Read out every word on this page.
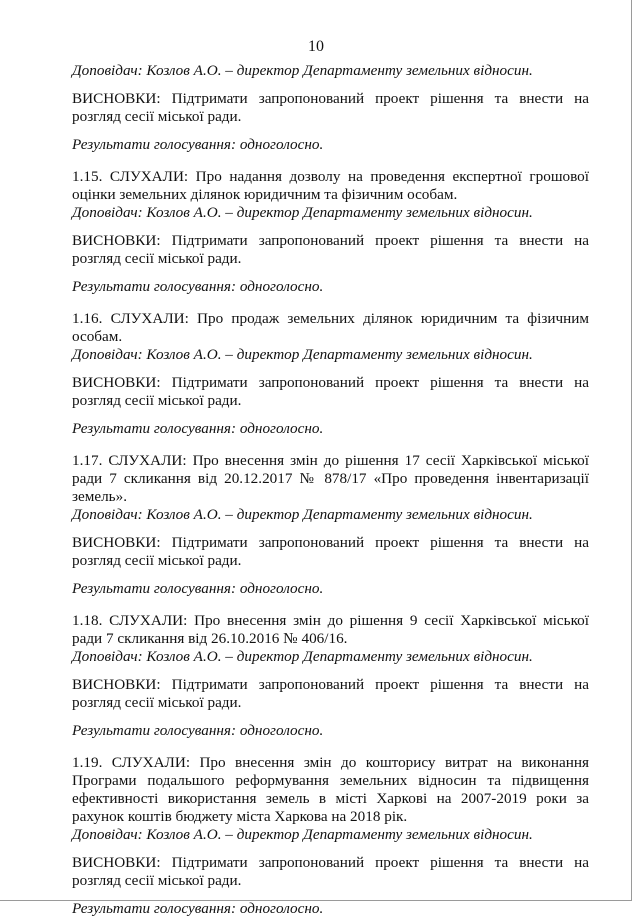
10

Доповідач: Козлов А.О. – директор Департаменту земельних відносин.

ВИСНОВКИ: Підтримати запропонований проект рішення та внести на розгляд сесії міської ради.

Результати голосування: одноголосно.

1.15. СЛУХАЛИ: Про надання дозволу на проведення експертної грошової оцінки земельних ділянок юридичним та фізичним особам.

Доповідач: Козлов А.О. – директор Департаменту земельних відносин.

ВИСНОВКИ: Підтримати запропонований проект рішення та внести на розгляд сесії міської ради.

Результати голосування: одноголосно.

1.16. СЛУХАЛИ: Про продаж земельних ділянок юридичним та фізичним особам.

Доповідач: Козлов А.О. – директор Департаменту земельних відносин.

ВИСНОВКИ: Підтримати запропонований проект рішення та внести на розгляд сесії міської ради.

Результати голосування: одноголосно.

1.17. СЛУХАЛИ: Про внесення змін до рішення 17 сесії Харківської міської ради 7 скликання від 20.12.2017 № 878/17 «Про проведення інвентаризації земель».

Доповідач: Козлов А.О. – директор Департаменту земельних відносин.

ВИСНОВКИ: Підтримати запропонований проект рішення та внести на розгляд сесії міської ради.

Результати голосування: одноголосно.

1.18. СЛУХАЛИ: Про внесення змін до рішення 9 сесії Харківської міської ради 7 скликання від 26.10.2016 № 406/16.

Доповідач: Козлов А.О. – директор Департаменту земельних відносин.

ВИСНОВКИ: Підтримати запропонований проект рішення та внести на розгляд сесії міської ради.

Результати голосування: одноголосно.

1.19. СЛУХАЛИ: Про внесення змін до кошторису витрат на виконання Програми подальшого реформування земельних відносин та підвищення ефективності використання земель в місті Харкові на 2007-2019 роки за рахунок коштів бюджету міста Харкова на 2018 рік.

Доповідач: Козлов А.О. – директор Департаменту земельних відносин.

ВИСНОВКИ: Підтримати запропонований проект рішення та внести на розгляд сесії міської ради.

Результати голосування: одноголосно.
